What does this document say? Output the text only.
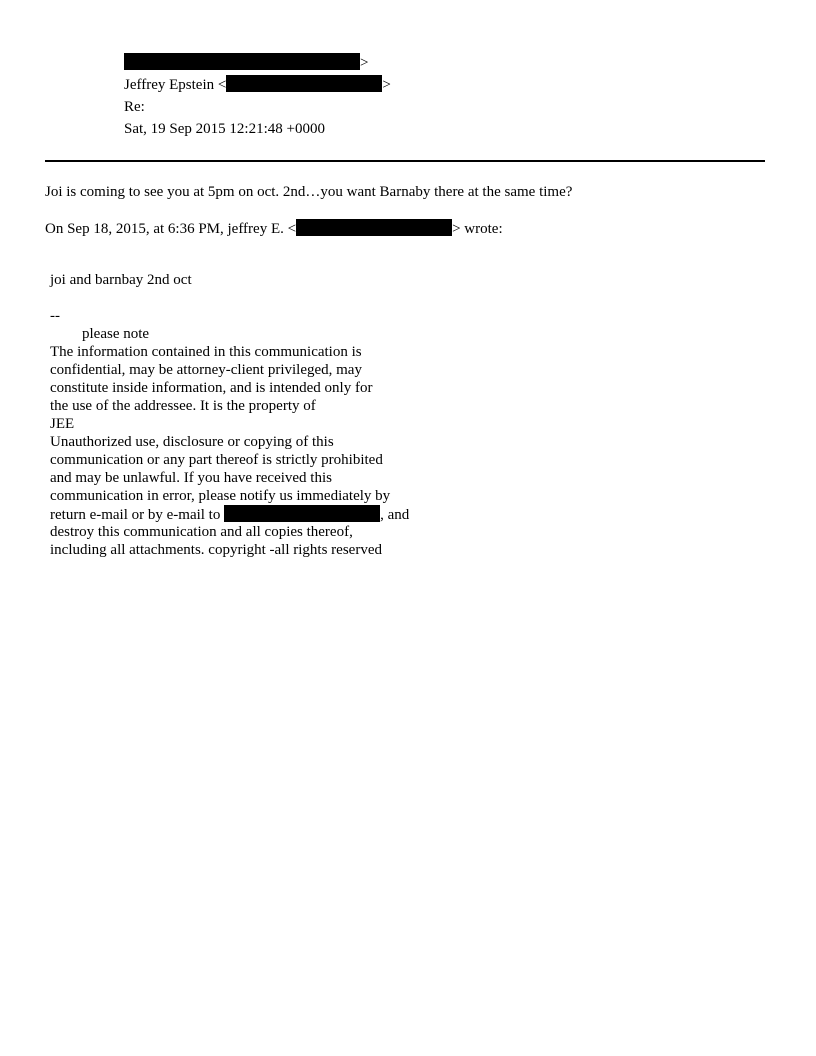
>
Jeffrey Epstein <	>
Re:
Sat, 19 Sep 2015 12:21:48 +0000
Joi is coming to see you at 5pm on oct. 2nd…you want Barnaby there at the same time?
On Sep 18, 2015, at 6:36 PM, jeffrey E. <	> wrote:
joi and barnbay 2nd oct
--
please note
The information contained in this communication is
confidential, may be attorney-client privileged, may
constitute inside information, and is intended only for
the use of the addressee. It is the property of
JEE
Unauthorized use, disclosure or copying of this
communication or any part thereof is strictly prohibited
and may be unlawful. If you have received this
communication in error, please notify us immediately by
return e-mail or by e-mail to	, and
destroy this communication and all copies thereof,
including all attachments. copyright -all rights reserved
